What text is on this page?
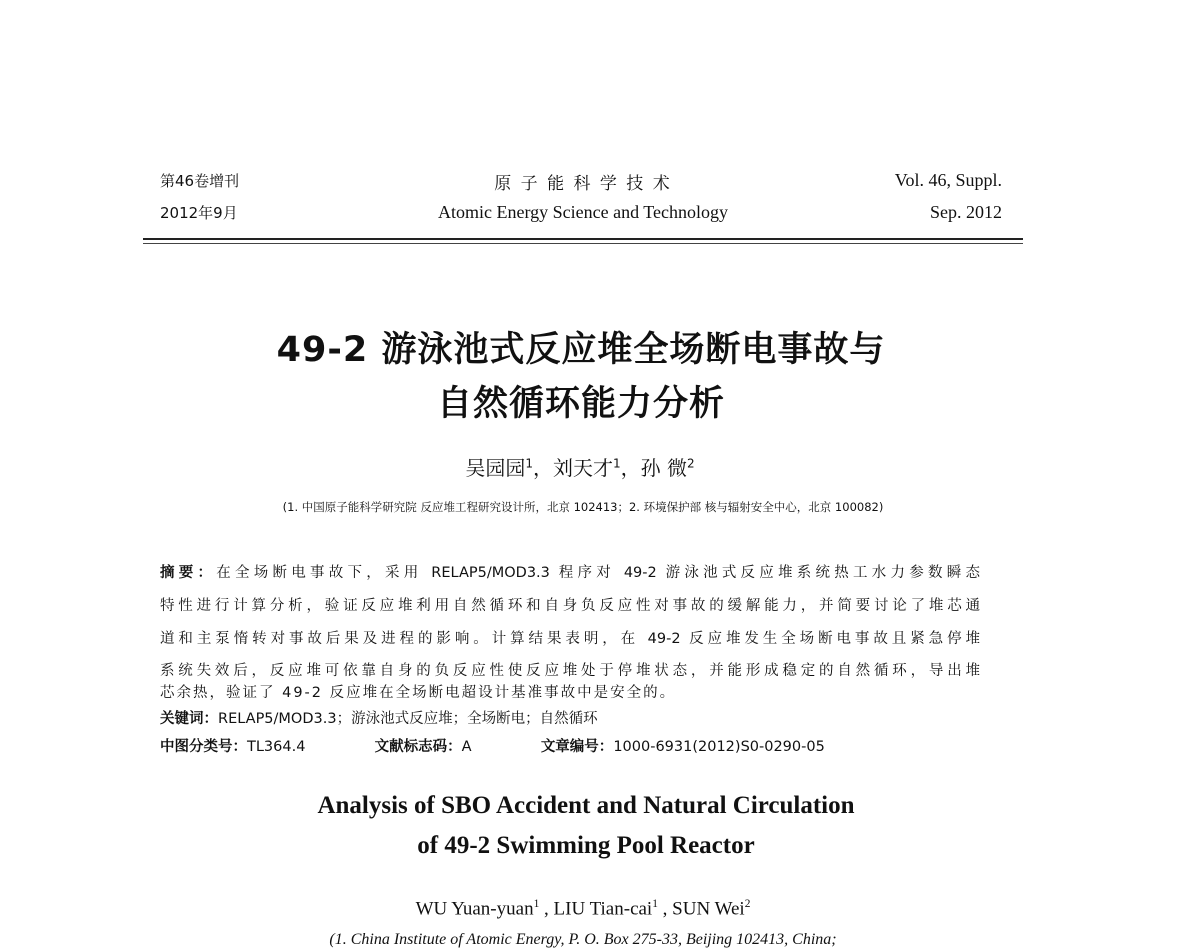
第46卷增刊
2012年9月
原 子 能 科 学 技 术
Atomic Energy Science and Technology
Vol. 46, Suppl.
Sep. 2012
49-2 游泳池式反应堆全场断电事故与
自然循环能力分析
吴园园$^1$，刘天才$^1$，孙 微$^2$
(1. 中国原子能科学研究院 反应堆工程研究设计所，北京 102413；2. 环境保护部 核与辐射安全中心，北京 100082)
摘要：在全场断电事故下，采用 RELAP5/MOD3.3 程序对 49-2 游泳池式反应堆系统热工水力参数瞬态
特性进行计算分析，验证反应堆利用自然循环和自身负反应性对事故的缓解能力，并简要讨论了堆芯通
道和主泵惰转对事故后果及进程的影响。计算结果表明，在 49-2 反应堆发生全场断电事故且紧急停堆
系统失效后，反应堆可依靠自身的负反应性使反应堆处于停堆状态，并能形成稳定的自然循环，导出堆
芯余热，验证了 49-2 反应堆在全场断电超设计基准事故中是安全的。
关键词：RELAP5/MOD3.3；游泳池式反应堆；全场断电；自然循环
中图分类号：TL364.4	文献标志码：A	文章编号：1000-6931(2012)S0-0290-05
Analysis of SBO Accident and Natural Circulation
of 49-2 Swimming Pool Reactor
WU Yuan-yuan$^1$ , LIU Tian-cai$^1$ , SUN Wei$^2$
(1. China Institute of Atomic Energy, P. O. Box 275-33, Beijing 102413, China;
